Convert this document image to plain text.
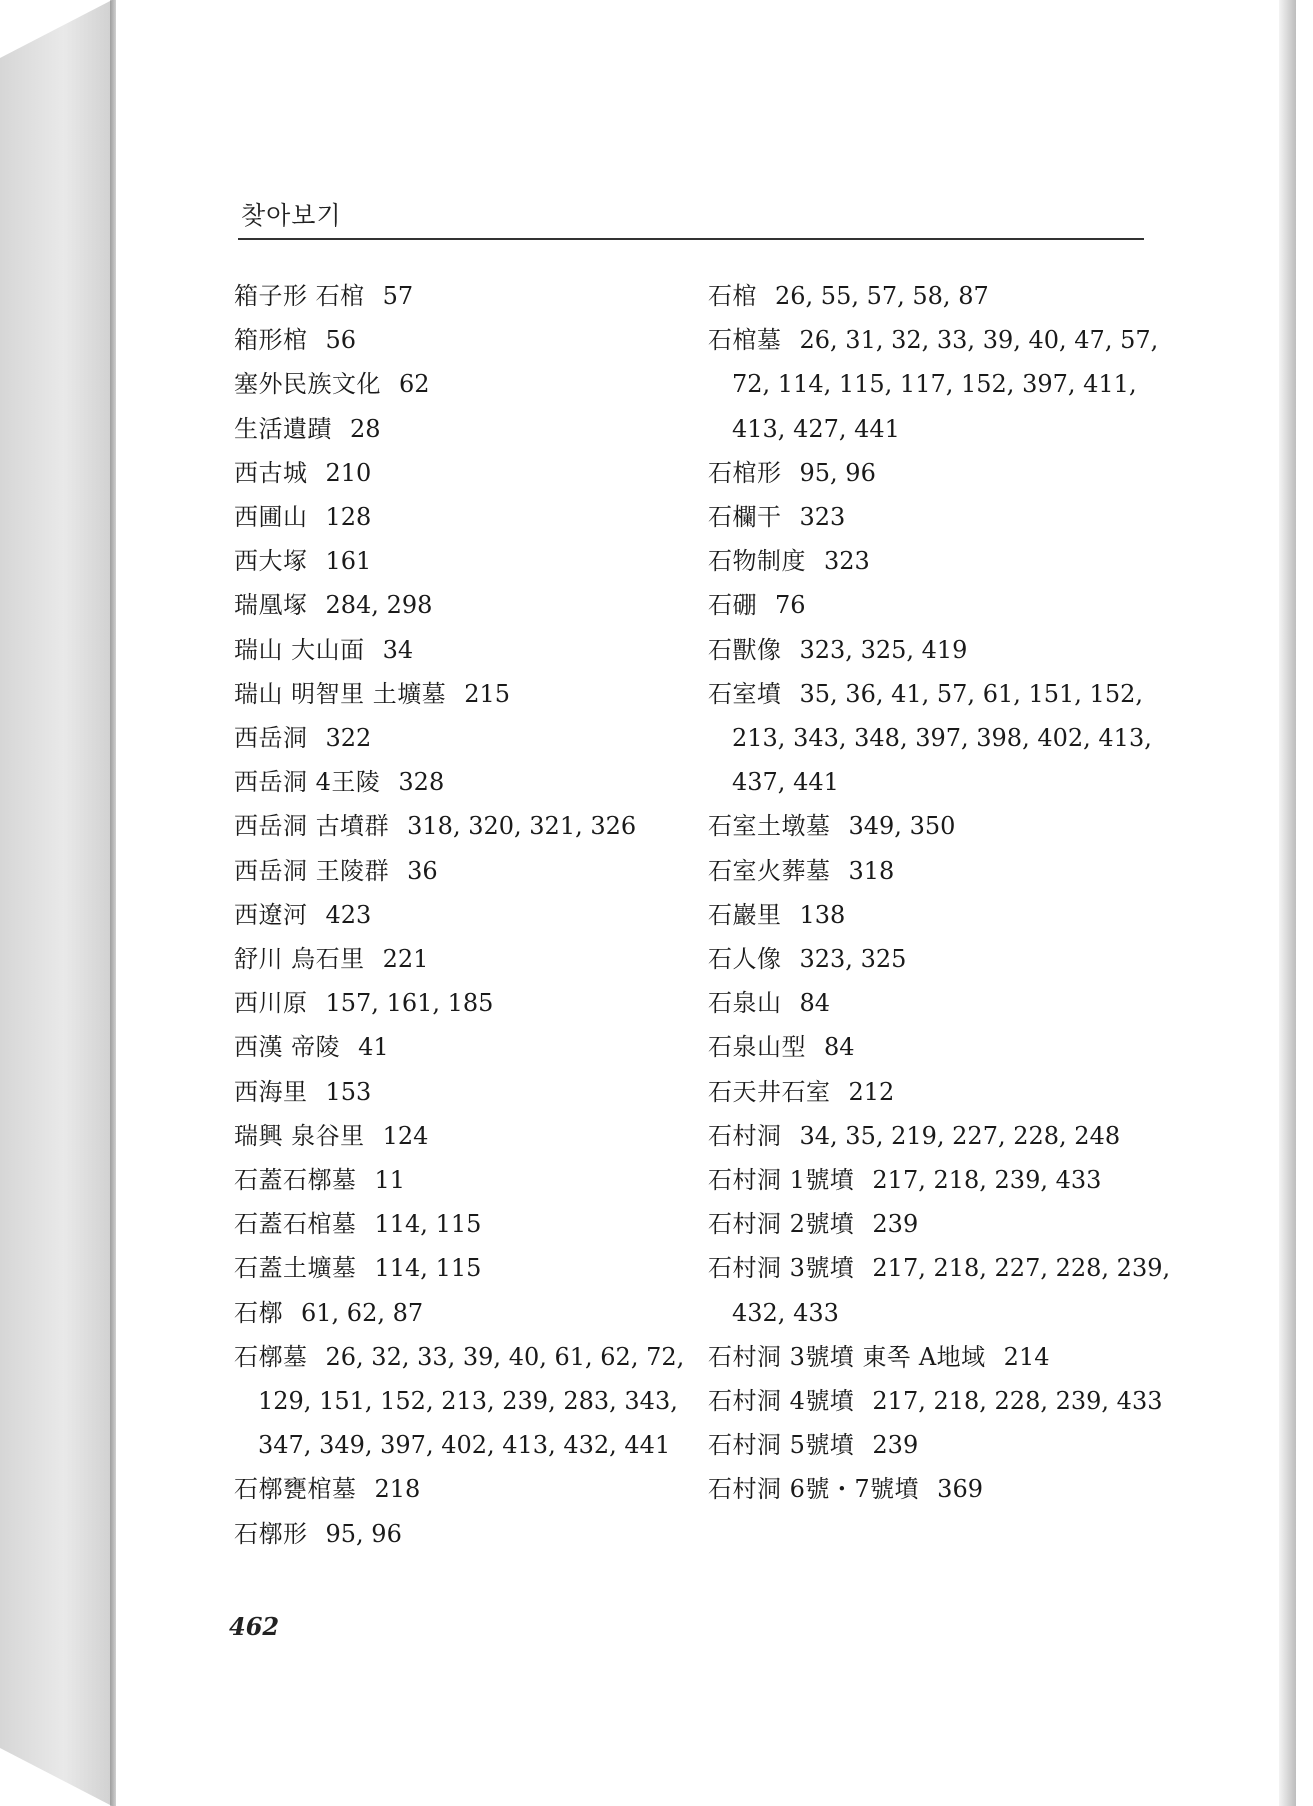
찾아보기
箱子形 石棺 57
箱形棺 56
塞外民族文化 62
生活遺蹟 28
西古城 210
西圃山 128
西大塚 161
瑞凰塚 284, 298
瑞山 大山面 34
瑞山 明智里 土壙墓 215
西岳洞 322
西岳洞 4王陵 328
西岳洞 古墳群 318, 320, 321, 326
西岳洞 王陵群 36
西遼河 423
舒川 烏石里 221
西川原 157, 161, 185
西漢 帝陵 41
西海里 153
瑞興 泉谷里 124
石蓋石槨墓 11
石蓋石棺墓 114, 115
石蓋土壙墓 114, 115
石槨 61, 62, 87
石槨墓 26, 32, 33, 39, 40, 61, 62, 72, 129, 151, 152, 213, 239, 283, 343, 347, 349, 397, 402, 413, 432, 441
石槨甕棺墓 218
石槨形 95, 96
石棺 26, 55, 57, 58, 87
石棺墓 26, 31, 32, 33, 39, 40, 47, 57, 72, 114, 115, 117, 152, 397, 411, 413, 427, 441
石棺形 95, 96
石欄干 323
石物制度 323
石硼 76
石獸像 323, 325, 419
石室墳 35, 36, 41, 57, 61, 151, 152, 213, 343, 348, 397, 398, 402, 413, 437, 441
石室土墩墓 349, 350
石室火葬墓 318
石巖里 138
石人像 323, 325
石泉山 84
石泉山型 84
石天井石室 212
石村洞 34, 35, 219, 227, 228, 248
石村洞 1號墳 217, 218, 239, 433
石村洞 2號墳 239
石村洞 3號墳 217, 218, 227, 228, 239, 432, 433
石村洞 3號墳 東쪽 A地域 214
石村洞 4號墳 217, 218, 228, 239, 433
石村洞 5號墳 239
石村洞 6號・7號墳 369
462
